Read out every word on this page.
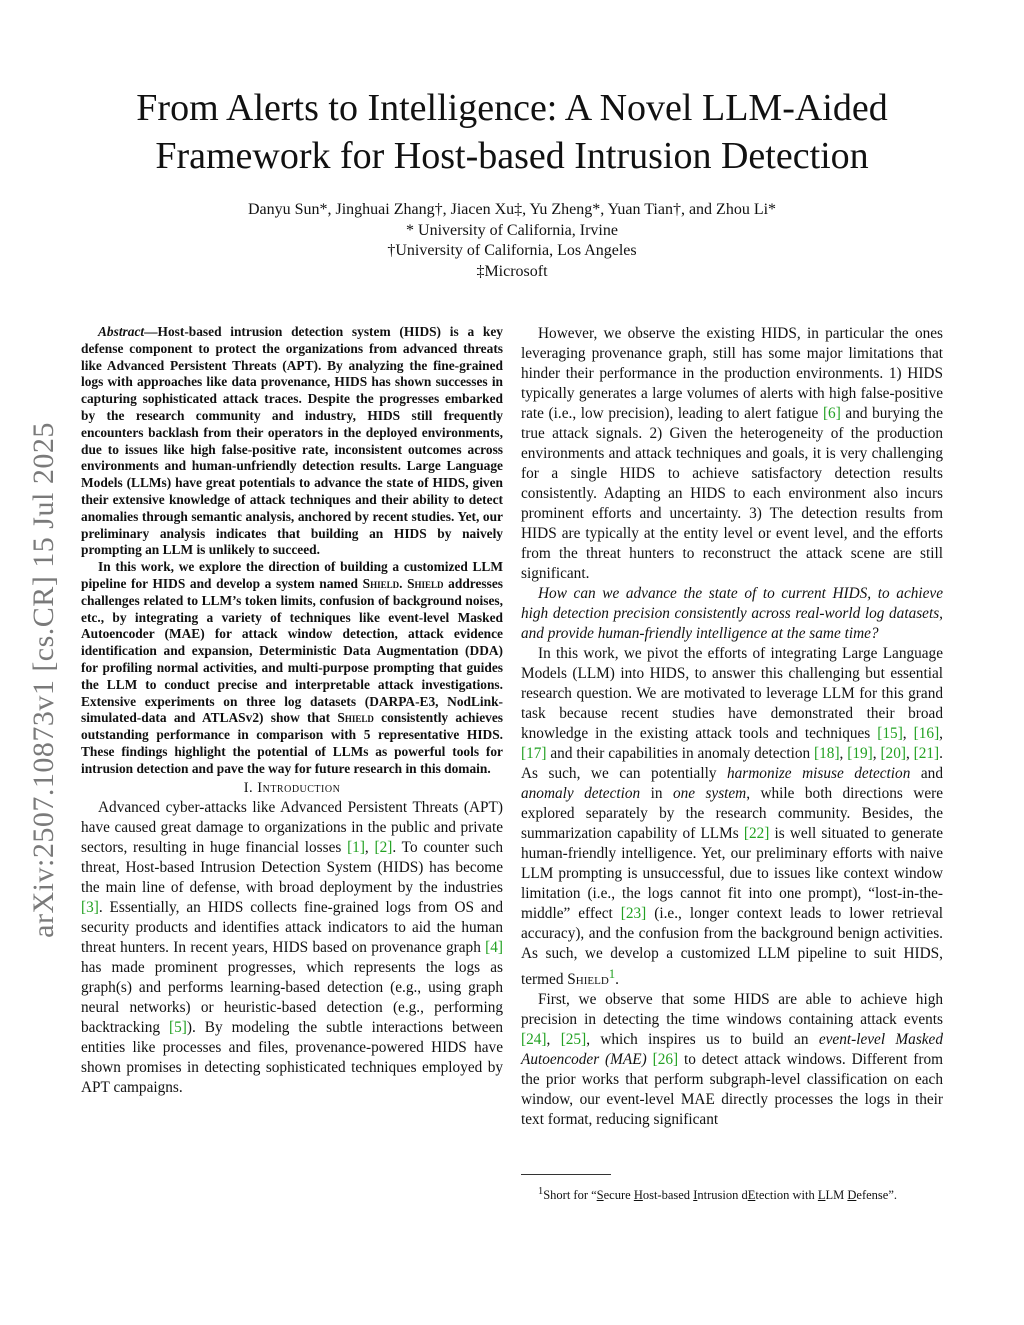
arXiv:2507.10873v1 [cs.CR] 15 Jul 2025
From Alerts to Intelligence: A Novel LLM-Aided
Framework for Host-based Intrusion Detection
Danyu Sun*, Jinghuai Zhang†, Jiacen Xu‡, Yu Zheng*, Yuan Tian†, and Zhou Li*
* University of California, Irvine
†University of California, Los Angeles
‡Microsoft

Abstract—Host-based intrusion detection system (HIDS) is a key defense component to protect the organizations from advanced threats like Advanced Persistent Threats (APT). By analyzing the fine-grained logs with approaches like data provenance, HIDS has shown successes in capturing sophisticated attack traces. Despite the progresses embarked by the research community and industry, HIDS still frequently encounters backlash from their operators in the deployed environments, due to issues like high false-positive rate, inconsistent outcomes across environments and human-unfriendly detection results. Large Language Models (LLMs) have great potentials to advance the state of HIDS, given their extensive knowledge of attack techniques and their ability to detect anomalies through semantic analysis, anchored by recent studies. Yet, our preliminary analysis indicates that building an HIDS by naively prompting an LLM is unlikely to succeed.

In this work, we explore the direction of building a customized LLM pipeline for HIDS and develop a system named Shield. Shield addresses challenges related to LLM’s token limits, confusion of background noises, etc., by integrating a variety of techniques like event-level Masked Autoencoder (MAE) for attack window detection, attack evidence identification and expansion, Deterministic Data Augmentation (DDA) for profiling normal activities, and multi-purpose prompting that guides the LLM to conduct precise and interpretable attack investigations. Extensive experiments on three log datasets (DARPA-E3, NodLink-simulated-data and ATLASv2) show that Shield consistently achieves outstanding performance in comparison with 5 representative HIDS. These findings highlight the potential of LLMs as powerful tools for intrusion detection and pave the way for future research in this domain.

I. Introduction

Advanced cyber-attacks like Advanced Persistent Threats (APT) have caused great damage to organizations in the public and private sectors, resulting in huge financial losses [1], [2]. To counter such threat, Host-based Intrusion Detection System (HIDS) has become the main line of defense, with broad deployment by the industries [3]. Essentially, an HIDS collects fine-grained logs from OS and security products and identifies attack indicators to aid the human threat hunters. In recent years, HIDS based on provenance graph [4] has made prominent progresses, which represents the logs as graph(s) and performs learning-based detection (e.g., using graph neural networks) or heuristic-based detection (e.g., performing backtracking [5]). By modeling the subtle interactions between entities like processes and files, provenance-powered HIDS have shown promises in detecting sophisticated techniques employed by APT campaigns.

However, we observe the existing HIDS, in particular the ones leveraging provenance graph, still has some major limitations that hinder their performance in the production environments. 1) HIDS typically generates a large volumes of alerts with high false-positive rate (i.e., low precision), leading to alert fatigue [6] and burying the true attack signals. 2) Given the heterogeneity of the production environments and attack techniques and goals, it is very challenging for a single HIDS to achieve satisfactory detection results consistently. Adapting an HIDS to each environment also incurs prominent efforts and uncertainty. 3) The detection results from HIDS are typically at the entity level or event level, and the efforts from the threat hunters to reconstruct the attack scene are still significant.

How can we advance the state of to current HIDS, to achieve high detection precision consistently across real-world log datasets, and provide human-friendly intelligence at the same time?

In this work, we pivot the efforts of integrating Large Language Models (LLM) into HIDS, to answer this challenging but essential research question. We are motivated to leverage LLM for this grand task because recent studies have demonstrated their broad knowledge in the existing attack tools and techniques [15], [16], [17] and their capabilities in anomaly detection [18], [19], [20], [21]. As such, we can potentially harmonize misuse detection and anomaly detection in one system, while both directions were explored separately by the research community. Besides, the summarization capability of LLMs [22] is well situated to generate human-friendly intelligence. Yet, our preliminary efforts with naive LLM prompting is unsuccessful, due to issues like context window limitation (i.e., the logs cannot fit into one prompt), “lost-in-the-middle” effect [23] (i.e., longer context leads to lower retrieval accuracy), and the confusion from the background benign activities. As such, we develop a customized LLM pipeline to suit HIDS, termed Shield$^1$.

First, we observe that some HIDS are able to achieve high precision in detecting the time windows containing attack events [24], [25], which inspires us to build an event-level Masked Autoencoder (MAE) [26] to detect attack windows. Different from the prior works that perform subgraph-level classification on each window, our event-level MAE directly processes the logs in their text format, reducing significant

$^1$Short for “Secure Host-based Intrusion dEtection with LLM Defense”.
